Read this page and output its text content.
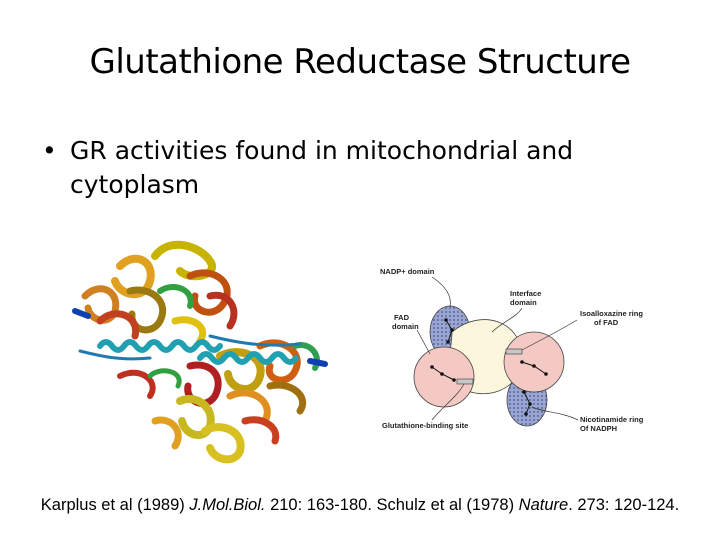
Glutathione Reductase Structure
• GR activities found in mitochondrial and cytoplasm
NADP+ domain
Interface
domain
FAD
domain
Isoalloxazine ring
of FAD
Glutathione-binding site
Nicotinamide ring
Of NADPH
Karplus et al (1989) J.Mol.Biol. 210: 163-180. Schulz et al (1978) Nature. 273: 120-124.
